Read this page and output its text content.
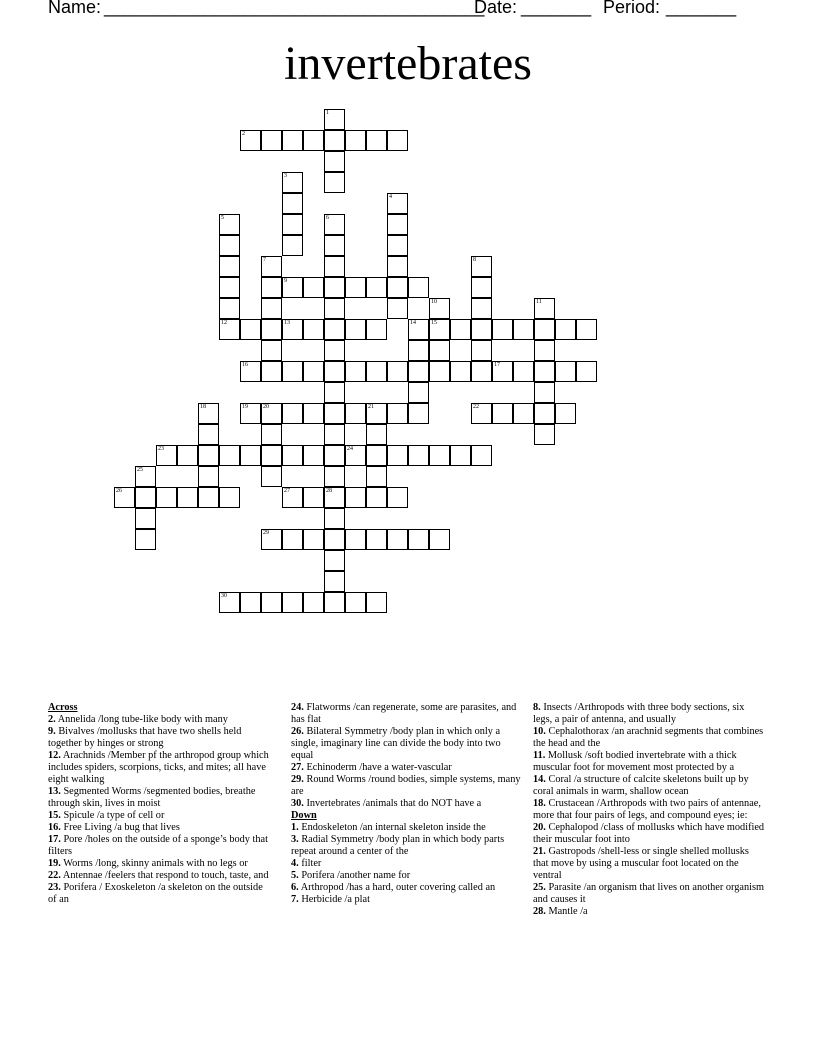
Name: ______________________________________
Date: _______ Period: _______
invertebrates
1
2
3
4
5
12
6
28
7	8
9
10
15
11
13	14
16	17
18	19	20	21	22
23	24
25
26	27
29
30

Across

2. Annelida /long tube-like body with many

9. Bivalves /mollusks that have two shells held together by hinges or strong

12. Arachnids /Member pf the arthropod group which includes spiders, scorpions, ticks, and mites; all have eight walking

13. Segmented Worms /segmented bodies, breathe through skin, lives in moist

15. Spicule /a type of cell or

16. Free Living /a bug that lives

17. Pore /holes on the outside of a sponge’s body that filters

19. Worms /long, skinny animals with no legs or

22. Antennae /feelers that respond to touch, taste, and

23. Porifera / Exoskeleton /a skeleton on the outside of an

24. Flatworms /can regenerate, some are parasites, and has flat

26. Bilateral Symmetry /body plan in which only a single, imaginary line can divide the body into two equal

27. Echinoderm /have a water-vascular

29. Round Worms /round bodies, simple systems, many are

30. Invertebrates /animals that do NOT have a

Down

1. Endoskeleton /an internal skeleton inside the

3. Radial Symmetry /body plan in which body parts repeat around a center of the

4. filter

5. Porifera /another name for

6. Arthropod /has a hard, outer covering called an

7. Herbicide /a plat

8. Insects /Arthropods with three body sections, six legs, a pair of antenna, and usually

10. Cephalothorax /an arachnid segments that combines the head and the

11. Mollusk /soft bodied invertebrate with a thick muscular foot for movement most protected by a

14. Coral /a structure of calcite skeletons built up by coral animals in warm, shallow ocean

18. Crustacean /Arthropods with two pairs of antennae, more that four pairs of legs, and compound eyes; ie:

20. Cephalopod /class of mollusks which have modified their muscular foot into

21. Gastropods /shell-less or single shelled mollusks that move by using a muscular foot located on the ventral

25. Parasite /an organism that lives on another organism and causes it

28. Mantle /a
